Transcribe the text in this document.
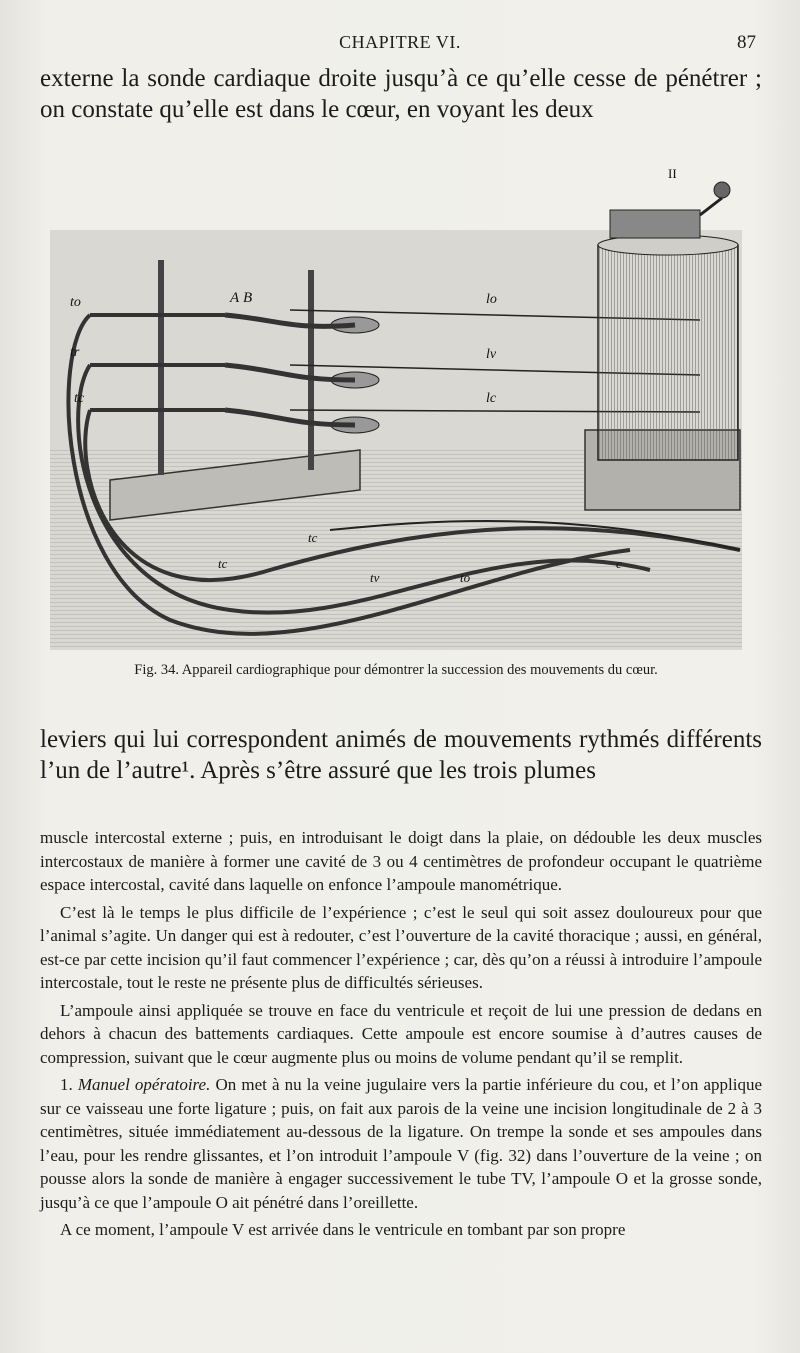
CHAPITRE VI.	87
externe la sonde cardiaque droite jusqu’à ce qu’elle cesse de pénétrer ; on constate qu’elle est dans le cœur, en voyant les deux
A B
II
to
tr
tc
lo
lv
lc
tc
tc
tv	to
c
Fig. 34. Appareil cardiographique pour démontrer la succession des mouvements du cœur.
leviers qui lui correspondent animés de mouvements rythmés différents l’un de l’autre¹. Après s’être assuré que les trois plumes

muscle intercostal externe ; puis, en introduisant le doigt dans la plaie, on dédouble les deux muscles intercostaux de manière à former une cavité de 3 ou 4 centimètres de profondeur occupant le quatrième espace intercostal, cavité dans laquelle on enfonce l’ampoule manométrique.

C’est là le temps le plus difficile de l’expérience ; c’est le seul qui soit assez douloureux pour que l’animal s’agite. Un danger qui est à redouter, c’est l’ouverture de la cavité thoracique ; aussi, en général, est-ce par cette incision qu’il faut commencer l’expérience ; car, dès qu’on a réussi à introduire l’ampoule intercostale, tout le reste ne présente plus de difficultés sérieuses.

L’ampoule ainsi appliquée se trouve en face du ventricule et reçoit de lui une pression de dedans en dehors à chacun des battements cardiaques. Cette ampoule est encore soumise à d’autres causes de compression, suivant que le cœur augmente plus ou moins de volume pendant qu’il se remplit.

1. Manuel opératoire. On met à nu la veine jugulaire vers la partie inférieure du cou, et l’on applique sur ce vaisseau une forte ligature ; puis, on fait aux parois de la veine une incision longitudinale de 2 à 3 centimètres, située immédiatement au-dessous de la ligature. On trempe la sonde et ses ampoules dans l’eau, pour les rendre glissantes, et l’on introduit l’ampoule V (fig. 32) dans l’ouverture de la veine ; on pousse alors la sonde de manière à engager successivement le tube TV, l’ampoule O et la grosse sonde, jusqu’à ce que l’ampoule O ait pénétré dans l’oreillette.

A ce moment, l’ampoule V est arrivée dans le ventricule en tombant par son propre
